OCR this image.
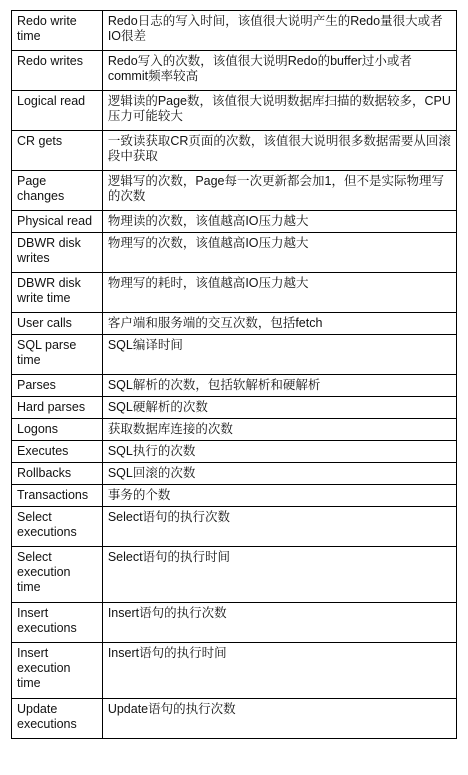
Redo write time	Redo日志的写入时间，该值很大说明产生的Redo量很大或者IO很差
Redo writes	Redo写入的次数，该值很大说明Redo的buffer过小或者commit频率较高
Logical read	逻辑读的Page数，该值很大说明数据库扫描的数据较多，CPU压力可能较大
CR gets	一致读获取CR页面的次数，该值很大说明很多数据需要从回滚段中获取
Page changes	逻辑写的次数，Page每一次更新都会加1，但不是实际物理写的次数
Physical read	物理读的次数，该值越高IO压力越大
DBWR disk writes	物理写的次数，该值越高IO压力越大
DBWR disk write time	物理写的耗时，该值越高IO压力越大
User calls	客户端和服务端的交互次数，包括fetch
SQL parse time	SQL编译时间
Parses	SQL解析的次数，包括软解析和硬解析
Hard parses	SQL硬解析的次数
Logons	获取数据库连接的次数
Executes	SQL执行的次数
Rollbacks	SQL回滚的次数
Transactions	事务的个数
Select executions	Select语句的执行次数
Select execution time	Select语句的执行时间
Insert executions	Insert语句的执行次数
Insert execution time	Insert语句的执行时间
Update executions	Update语句的执行次数
